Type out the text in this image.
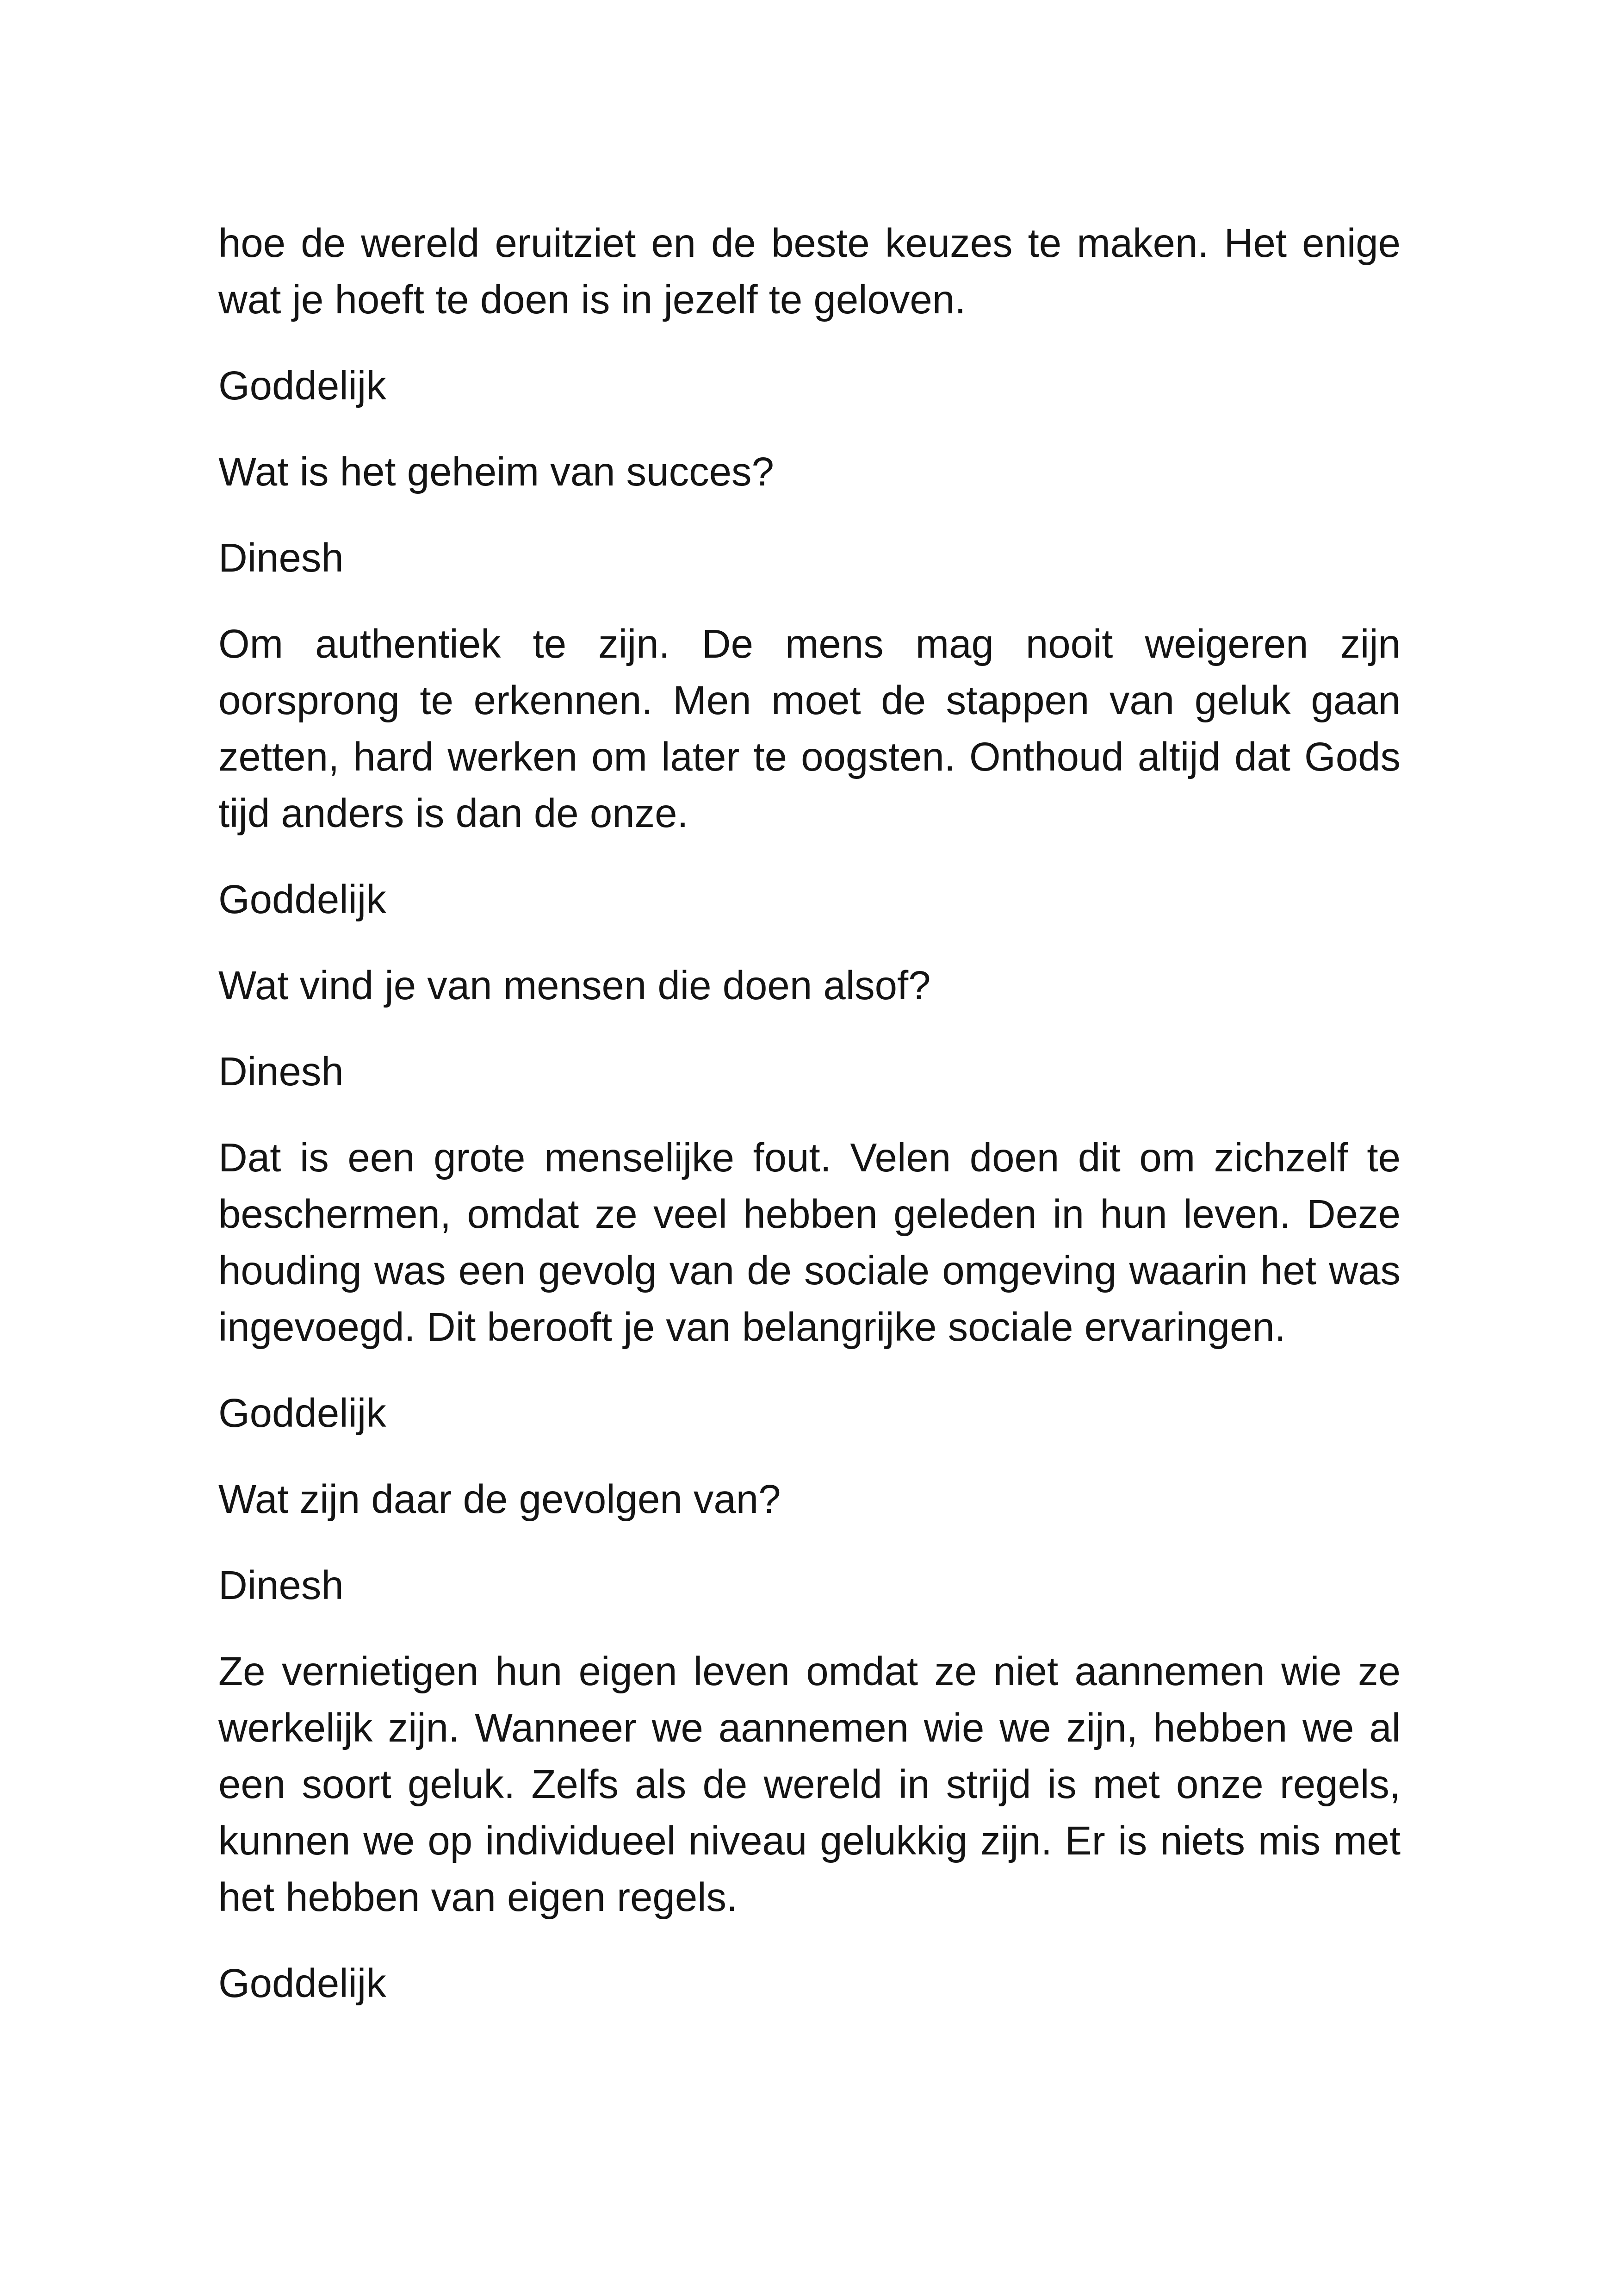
hoe de wereld eruitziet en de beste keuzes te maken. Het enige wat je hoeft te doen is in jezelf te geloven.

Goddelijk

Wat is het geheim van succes?

Dinesh

Om authentiek te zijn. De mens mag nooit weigeren zijn oorsprong te erkennen. Men moet de stappen van geluk gaan zetten, hard werken om later te oogsten. Onthoud altijd dat Gods tijd anders is dan de onze.

Goddelijk

Wat vind je van mensen die doen alsof?

Dinesh

Dat is een grote menselijke fout. Velen doen dit om zichzelf te beschermen, omdat ze veel hebben geleden in hun leven. Deze houding was een gevolg van de sociale omgeving waarin het was ingevoegd. Dit berooft je van belangrijke sociale ervaringen.

Goddelijk

Wat zijn daar de gevolgen van?

Dinesh

Ze vernietigen hun eigen leven omdat ze niet aannemen wie ze werkelijk zijn. Wanneer we aannemen wie we zijn, hebben we al een soort geluk. Zelfs als de wereld in strijd is met onze regels, kunnen we op individueel niveau gelukkig zijn. Er is niets mis met het hebben van eigen regels.

Goddelijk
